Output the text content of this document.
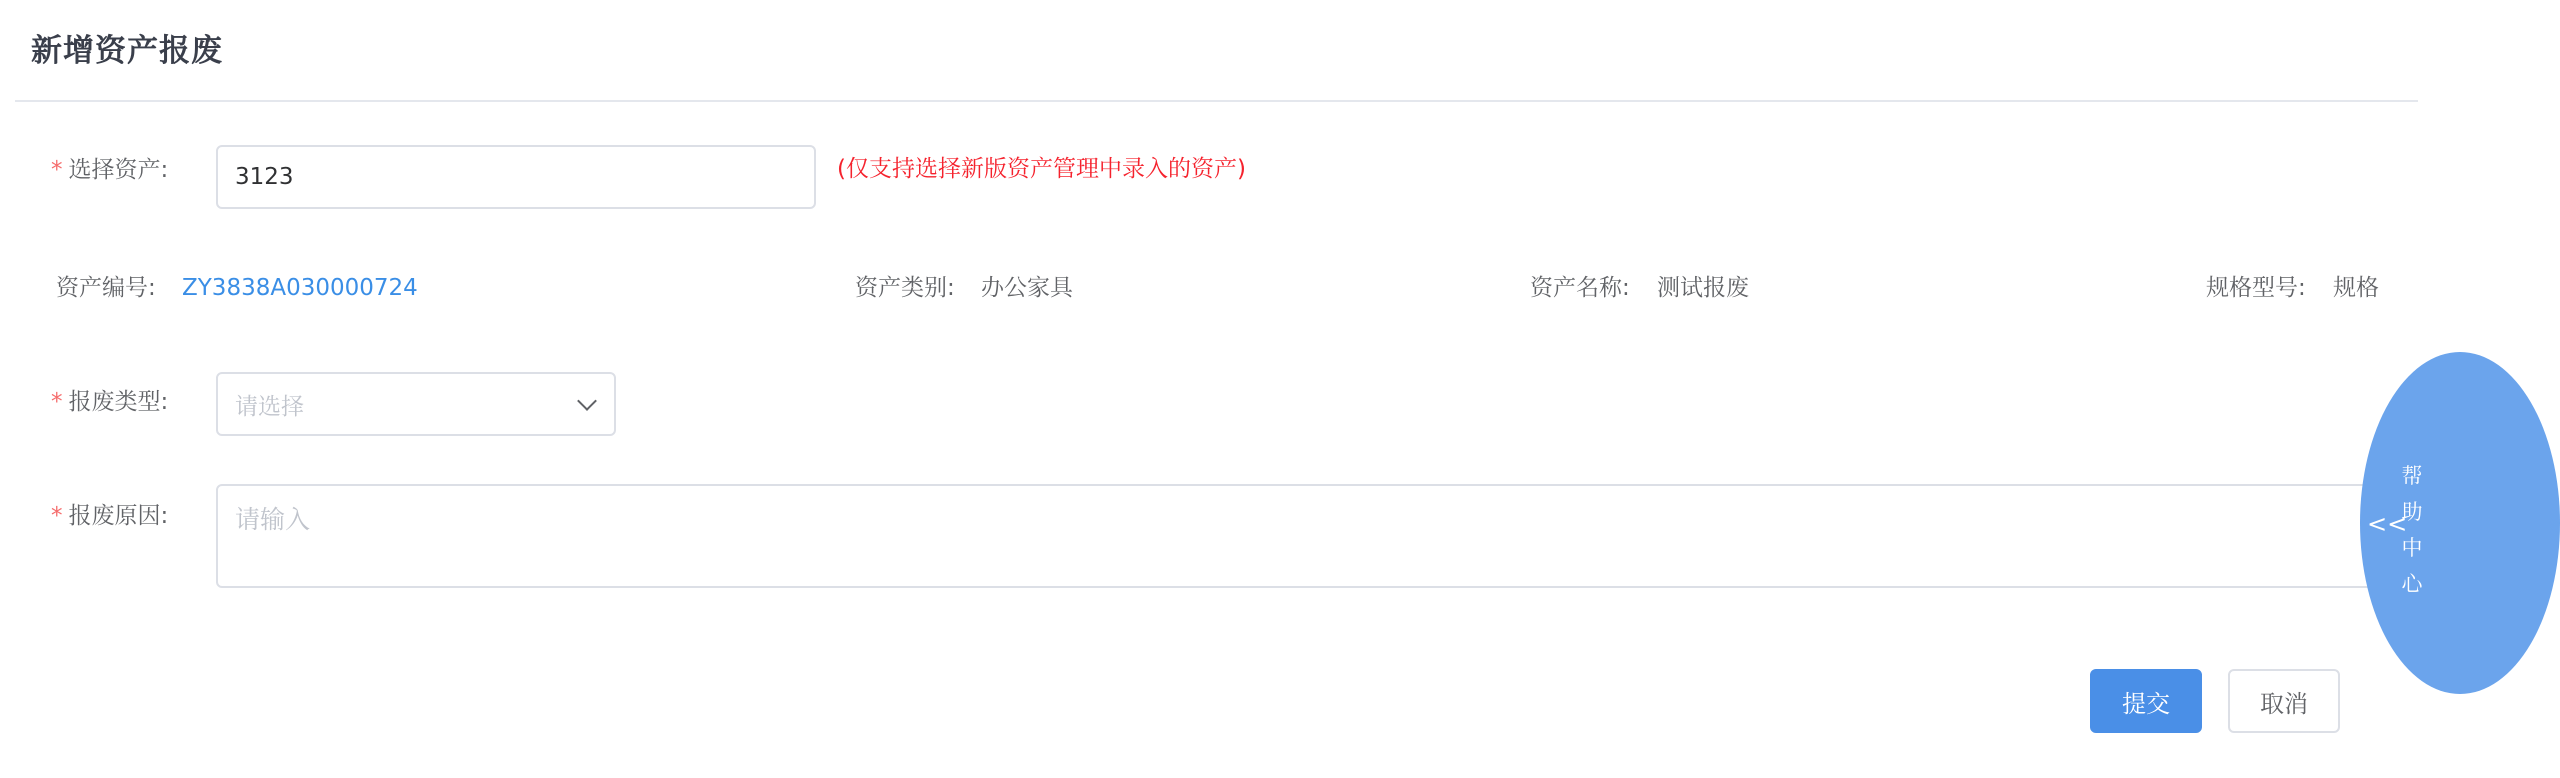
新增资产报废
* 选择资产:	3123	(仅支持选择新版资产管理中录入的资产)
资产编号: ZY3838A030000724	资产类别: 办公家具	资产名称: 测试报废	规格型号: 规格
* 报废类型:	请选择
* 报废原因:	请输入
提交	取消
<<
帮助中心
